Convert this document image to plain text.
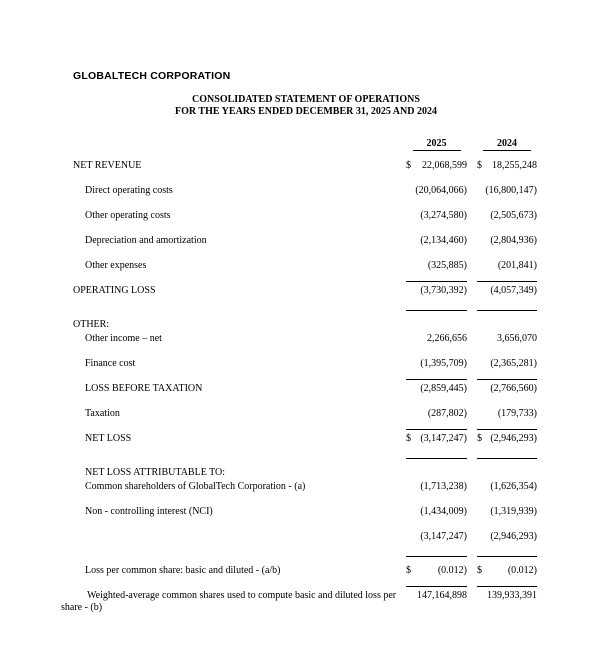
GLOBALTECH CORPORATION
CONSOLIDATED STATEMENT OF OPERATIONS
FOR THE YEARS ENDED DECEMBER 31, 2025 AND 2024
2025	2024
NET REVENUE	$ 22,068,599 $ 18,255,248
Direct operating costs	(20,064,066) (16,800,147)
Other operating costs	(3,274,580) (2,505,673)
Depreciation and amortization	(2,134,460) (2,804,936)
Other expenses	(325,885)	(201,841)
OPERATING LOSS	(3,730,392) (4,057,349)
OTHER:
Other income – net	2,266,656	3,656,070
Finance cost	(1,395,709) (2,365,281)
LOSS BEFORE TAXATION	(2,859,445) (2,766,560)
Taxation	(287,802)	(179,733)
NET LOSS	$ (3,147,247) $ (2,946,293)
NET LOSS ATTRIBUTABLE TO:
Common shareholders of GlobalTech Corporation - (a)	(1,713,238) (1,626,354)
Non - controlling interest (NCI)	(1,434,009) (1,319,939)
(3,147,247) (2,946,293)
Loss per common share: basic and diluted - (a/b)	$	(0.012) $	(0.012)
Weighted-average common shares used to compute basic and diluted loss per share - (b)
147,164,898 139,933,391
